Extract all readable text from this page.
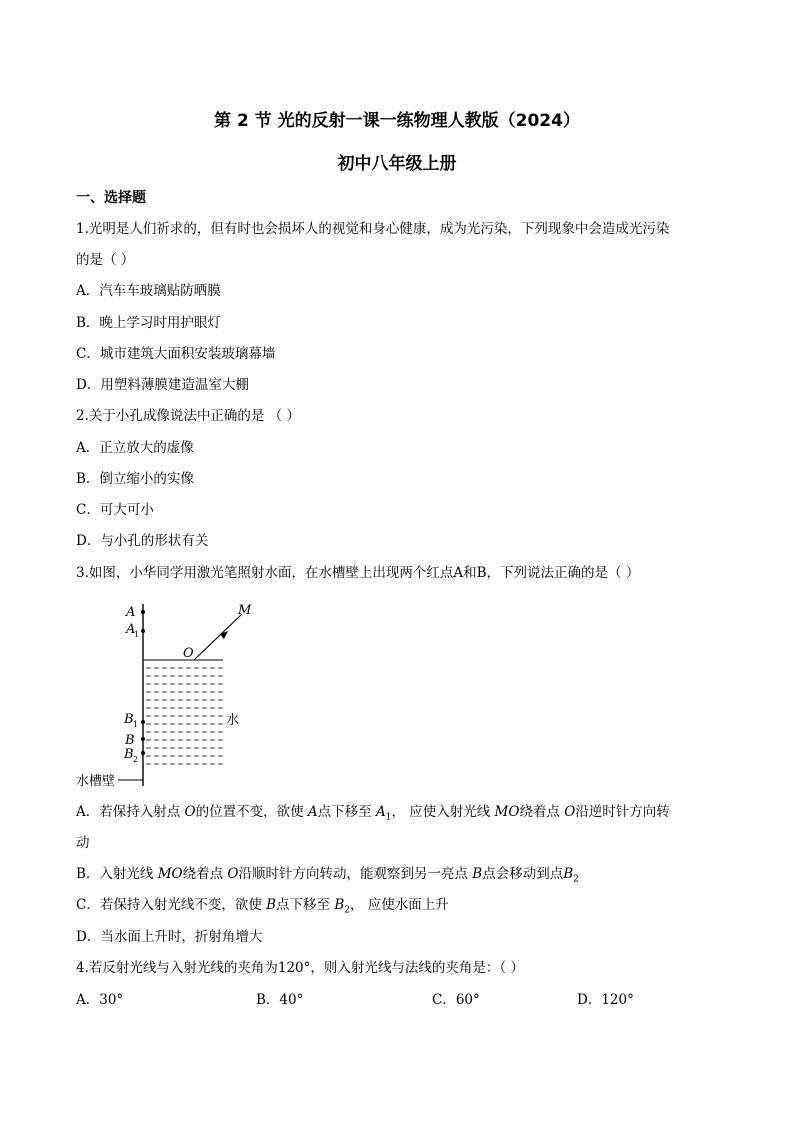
第 2 节 光的反射一课一练物理人教版（2024）
初中八年级上册
一、选择题
1.光明是人们祈求的，但有时也会损坏人的视觉和身心健康，成为光污染，下列现象中会造成光污染
的是（ ）
A．汽车车玻璃贴防晒膜
B．晚上学习时用护眼灯
C．城市建筑大面积安装玻璃幕墙
D．用塑料薄膜建造温室大棚
2.关于小孔成像说法中正确的是 （ ）
A．正立放大的虚像
B．倒立缩小的实像
C．可大可小
D．与小孔的形状有关
3.如图，小华同学用激光笔照射水面，在水槽壁上出现两个红点A和B，下列说法正确的是（ ）
A
A
1
M
O
B 1	水
B
B 2
水槽壁
A．若保持入射点 O的位置不变，欲使 A点下移至 $A_1$， 应使入射光线 MO绕着点 O沿逆时针方向转
动
B．入射光线 MO绕着点 O沿顺时针方向转动，能观察到另一亮点 B点会移动到点$B_2$
C．若保持入射光线不变，欲使 B点下移至 $B_2$， 应使水面上升
D．当水面上升时，折射角增大
4.若反射光线与入射光线的夹角为120°，则入射光线与法线的夹角是：（ ）
A．30°	B．40°	C．60°	D．120°
